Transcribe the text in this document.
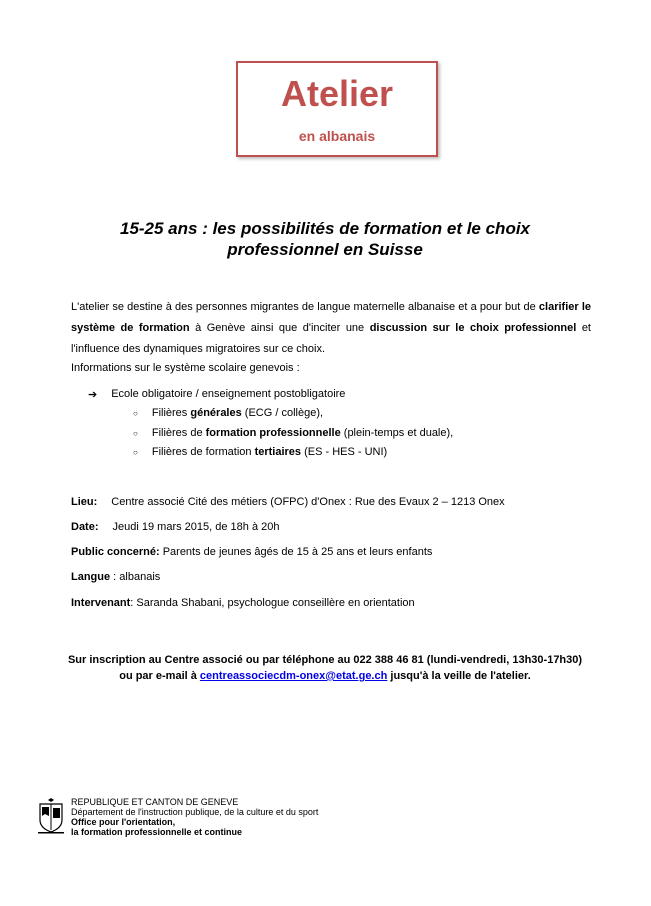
Atelier
en albanais
15-25 ans : les possibilités de formation et le choix
professionnel en Suisse
L'atelier se destine à des personnes migrantes de langue maternelle albanaise et a pour but de clarifier le système de formation à Genève ainsi que d'inciter une discussion sur le choix professionnel et l'influence des dynamiques migratoires sur ce choix.
Informations sur le système scolaire genevois :
➔ Ecole obligatoire / enseignement postobligatoire
○ Filières générales (ECG / collège),
○ Filières de formation professionnelle (plein-temps et duale),
○ Filières de formation tertiaires (ES - HES - UNI)
Lieu: Centre associé Cité des métiers (OFPC) d'Onex : Rue des Evaux 2 – 1213 Onex
Date: Jeudi 19 mars 2015, de 18h à 20h
Public concerné: Parents de jeunes âgés de 15 à 25 ans et leurs enfants
Langue : albanais
Intervenant: Saranda Shabani, psychologue conseillère en orientation
Sur inscription au Centre associé ou par téléphone au 022 388 46 81 (lundi-vendredi, 13h30-17h30)
ou par e-mail à centreassociecdm-onex@etat.ge.ch jusqu'à la veille de l'atelier.
REPUBLIQUE ET CANTON DE GENEVE
Département de l'instruction publique, de la culture et du sport
Office pour l'orientation,
la formation professionnelle et continue
